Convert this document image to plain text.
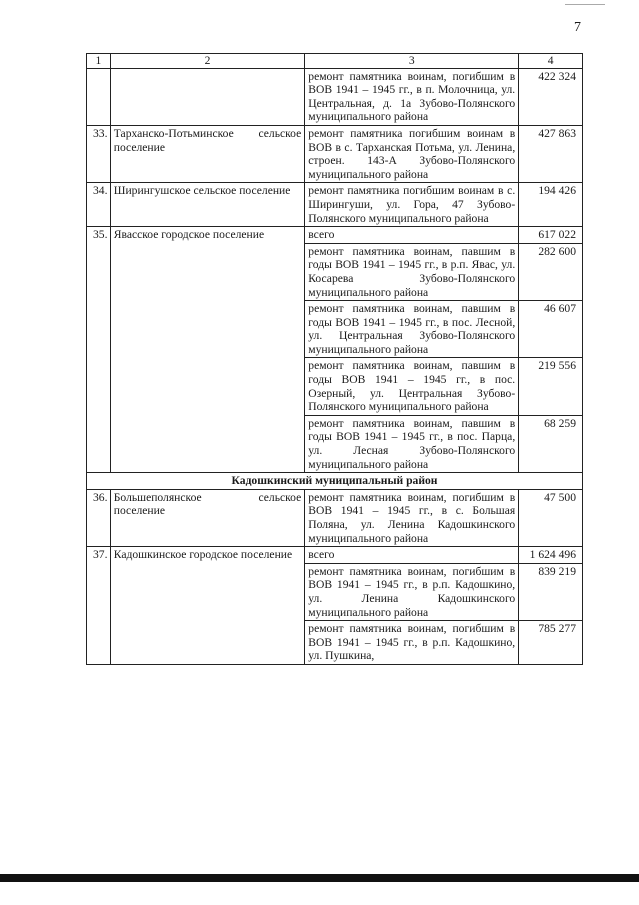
7
1	2	3	4
		ремонт памятника воинам, погибшим в ВОВ 1941 – 1945 гг., в п. Молочница, ул. Центральная, д. 1а Зубово-Полянского муниципального района	422 324
33.	Тарханско-Потьминское сельское поселение	ремонт памятника погибшим воинам в ВОВ в с. Тарханская Потьма, ул. Ленина, строен. 143-А Зубово-Полянского муниципального района	427 863
34.	Ширингушское сельское поселение	ремонт памятника погибшим воинам в с. Ширингуши, ул. Гора, 47 Зубово-Полянского муниципального района	194 426
35.	Явасское городское поселение	всего	617 022
		ремонт памятника воинам, павшим в годы ВОВ 1941 – 1945 гг., в р.п. Явас, ул. Косарева Зубово-Полянского муниципального района	282 600
		ремонт памятника воинам, павшим в годы ВОВ 1941 – 1945 гг., в пос. Лесной, ул. Центральная Зубово-Полянского муниципального района	46 607
		ремонт памятника воинам, павшим в годы ВОВ 1941 – 1945 гг., в пос. Озерный, ул. Центральная Зубово-Полянского муниципального района	219 556
		ремонт памятника воинам, павшим в годы ВОВ 1941 – 1945 гг., в пос. Парца, ул. Лесная Зубово-Полянского муниципального района	68 259
Кадошкинский муниципальный район			
36.	Большеполянское сельское поселение	ремонт памятника воинам, погибшим в ВОВ 1941 – 1945 гг., в с. Большая Поляна, ул. Ленина Кадошкинского муниципального района	47 500
37.	Кадошкинское городское поселение	всего	1 624 496
		ремонт памятника воинам, погибшим в ВОВ 1941 – 1945 гг., в р.п. Кадошкино, ул. Ленина Кадошкинского муниципального района	839 219
		ремонт памятника воинам, погибшим в ВОВ 1941 – 1945 гг., в р.п. Кадошкино, ул. Пушкина,	785 277
